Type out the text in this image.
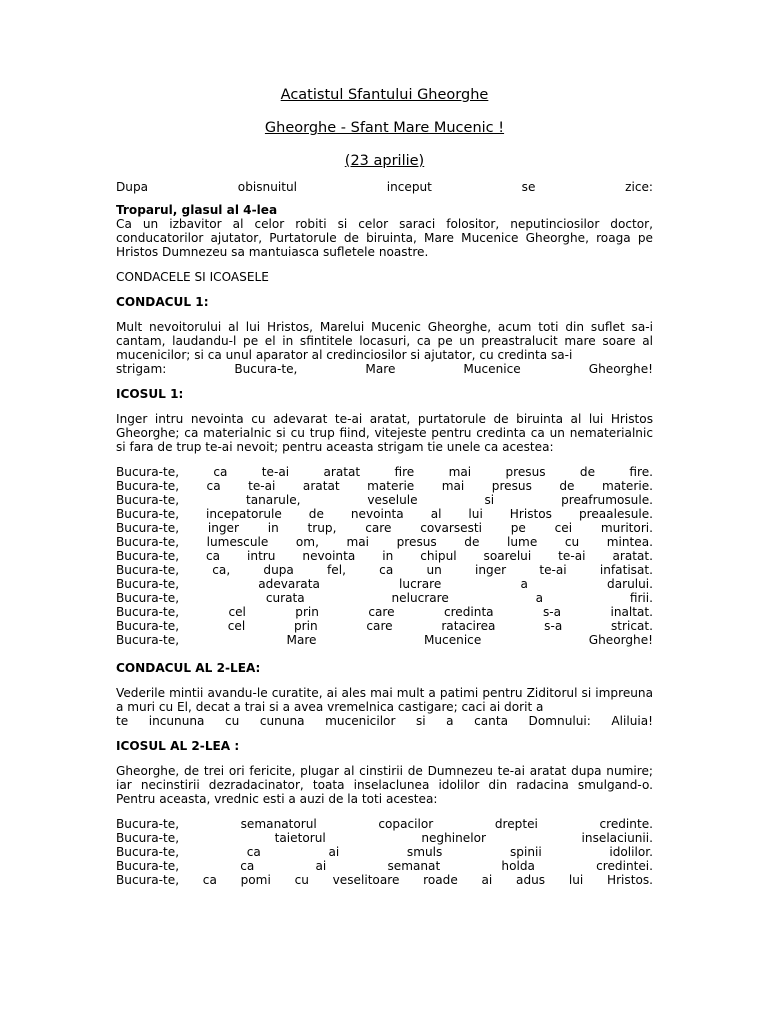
Acatistul Sfantului Gheorghe
Gheorghe - Sfant Mare Mucenic !
(23 aprilie)

Dupa obisnuitul inceput se zice:

Troparul, glasul al 4-lea

Ca un izbavitor al celor robiti si celor saraci folositor, neputinciosilor doctor, conducatorilor ajutator, Purtatorule de biruinta, Mare Mucenice Gheorghe, roaga pe Hristos Dumnezeu sa mantuiasca sufletele noastre.

CONDACELE SI ICOASELE

CONDACUL 1:

Mult nevoitorului al lui Hristos, Marelui Mucenic Gheorghe, acum toti din suflet sa-i cantam, laudandu-l pe el in sfintitele locasuri, ca pe un preastralucit mare soare al mucenicilor; si ca unul aparator al credinciosilor si ajutator, cu credinta sa-i
strigam: Bucura-te, Mare Mucenice Gheorghe!

ICOSUL 1:

Inger intru nevointa cu adevarat te-ai aratat, purtatorule de biruinta al lui Hristos Gheorghe; ca materialnic si cu trup fiind, vitejeste pentru credinta ca un nematerialnic si fara de trup te-ai nevoit; pentru aceasta strigam tie unele ca acestea:

Bucura-te, ca te-ai aratat fire mai presus de fire.
Bucura-te, ca te-ai aratat materie mai presus de materie.
Bucura-te, tanarule, veselule si preafrumosule.
Bucura-te, incepatorule de nevointa al lui Hristos preaalesule.
Bucura-te, inger in trup, care covarsesti pe cei muritori.
Bucura-te, lumescule om, mai presus de lume cu mintea.
Bucura-te, ca intru nevointa in chipul soarelui te-ai aratat.
Bucura-te, ca, dupa fel, ca un inger te-ai infatisat.
Bucura-te, adevarata lucrare a darului.
Bucura-te, curata nelucrare a firii.
Bucura-te, cel prin care credinta s-a inaltat.
Bucura-te, cel prin care ratacirea s-a stricat.
Bucura-te, Mare Mucenice Gheorghe!

CONDACUL AL 2-LEA:

Vederile mintii avandu-le curatite, ai ales mai mult a patimi pentru Ziditorul si impreuna a muri cu El, decat a trai si a avea vremelnica castigare; caci ai dorit a
te incununa cu cununa mucenicilor si a canta Domnului: Aliluia!

ICOSUL AL 2-LEA :

Gheorghe, de trei ori fericite, plugar al cinstirii de Dumnezeu te-ai aratat dupa numire; iar necinstirii dezradacinator, toata inselaclunea idolilor din radacina smulgand-o. Pentru aceasta, vrednic esti a auzi de la toti acestea:

Bucura-te, semanatorul copacilor dreptei credinte.
Bucura-te, taietorul neghinelor inselaciunii.
Bucura-te, ca ai smuls spinii idolilor.
Bucura-te, ca ai semanat holda credintei.
Bucura-te, ca pomi cu veselitoare roade ai adus lui Hristos.
